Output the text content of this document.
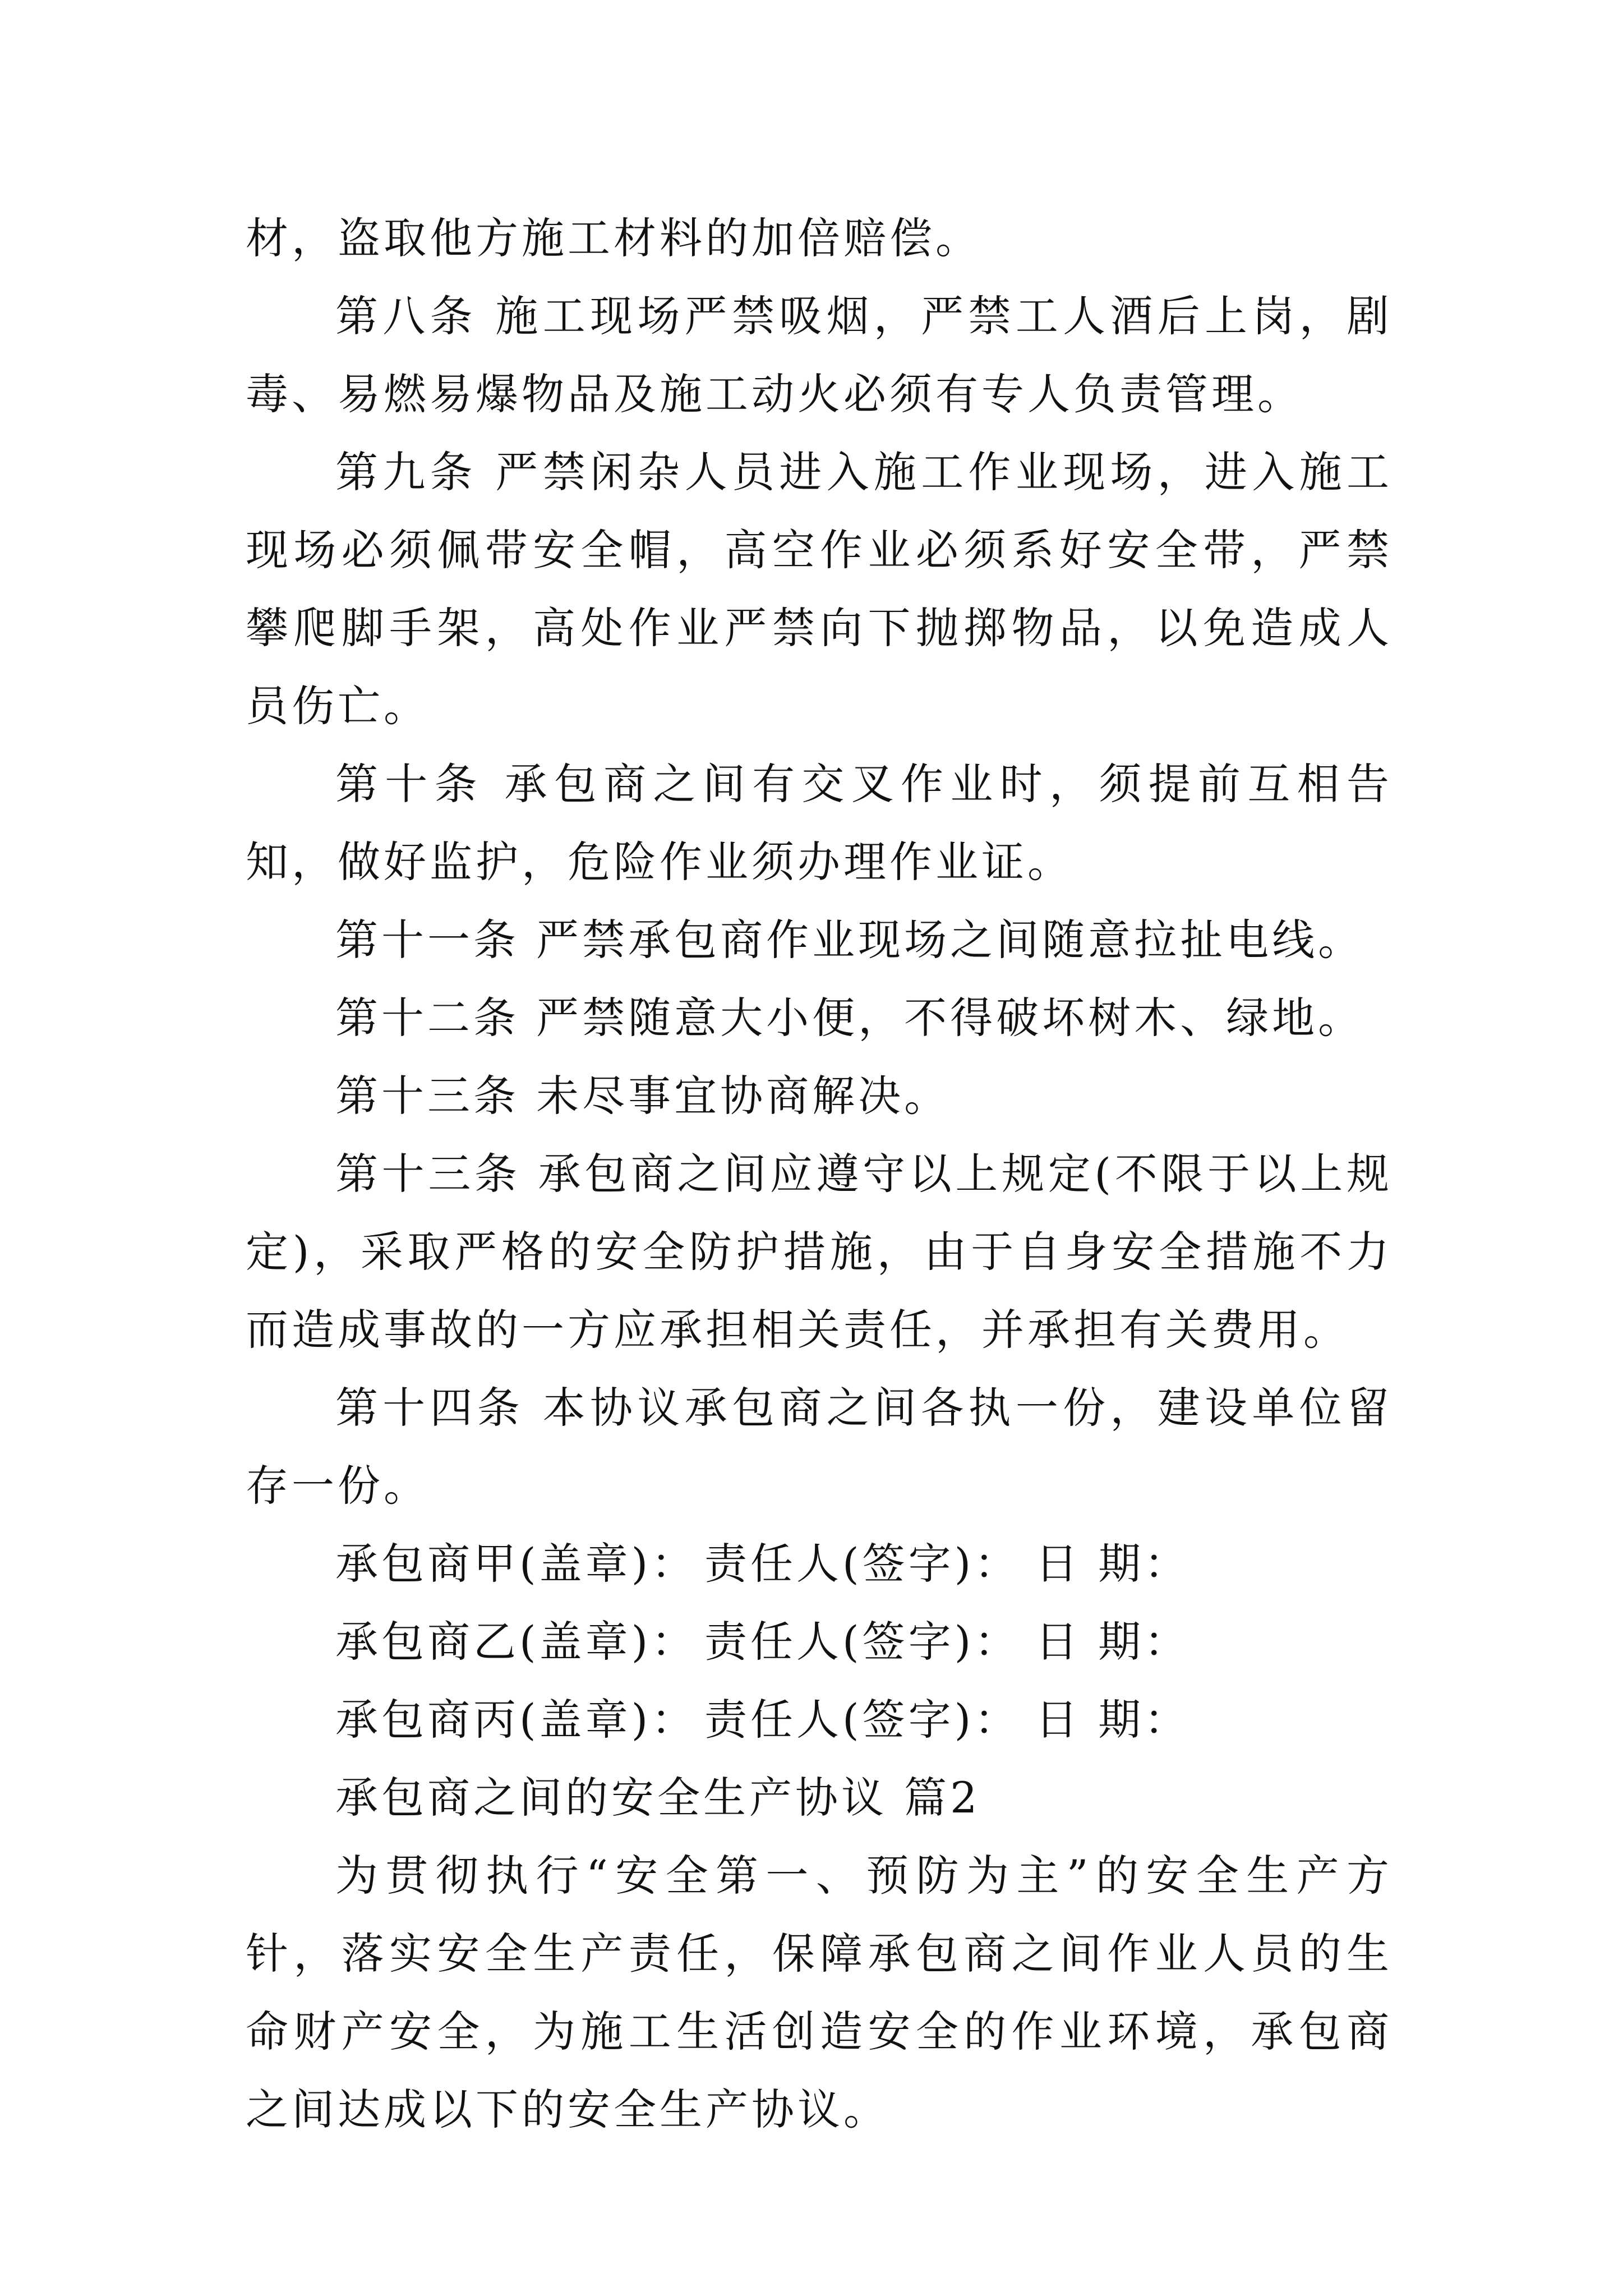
材，盗取他方施工材料的加倍赔偿。

第八条 施工现场严禁吸烟，严禁工人酒后上岗，剧毒、易燃易爆物品及施工动火必须有专人负责管理。

第九条 严禁闲杂人员进入施工作业现场，进入施工现场必须佩带安全帽，高空作业必须系好安全带，严禁攀爬脚手架，高处作业严禁向下抛掷物品，以免造成人员伤亡。

第十条 承包商之间有交叉作业时，须提前互相告知，做好监护，危险作业须办理作业证。

第十一条 严禁承包商作业现场之间随意拉扯电线。

第十二条 严禁随意大小便，不得破坏树木、绿地。

第十三条 未尽事宜协商解决。

第十三条 承包商之间应遵守以上规定(不限于以上规定)，采取严格的安全防护措施，由于自身安全措施不力而造成事故的一方应承担相关责任，并承担有关费用。

第十四条 本协议承包商之间各执一份，建设单位留存一份。

承包商甲(盖章)： 责任人(签字)： 日 期：

承包商乙(盖章)： 责任人(签字)： 日 期：

承包商丙(盖章)： 责任人(签字)： 日 期：

承包商之间的安全生产协议 篇2

为贯彻执行“安全第一、预防为主”的安全生产方针，落实安全生产责任，保障承包商之间作业人员的生命财产安全，为施工生活创造安全的作业环境，承包商之间达成以下的安全生产协议。
